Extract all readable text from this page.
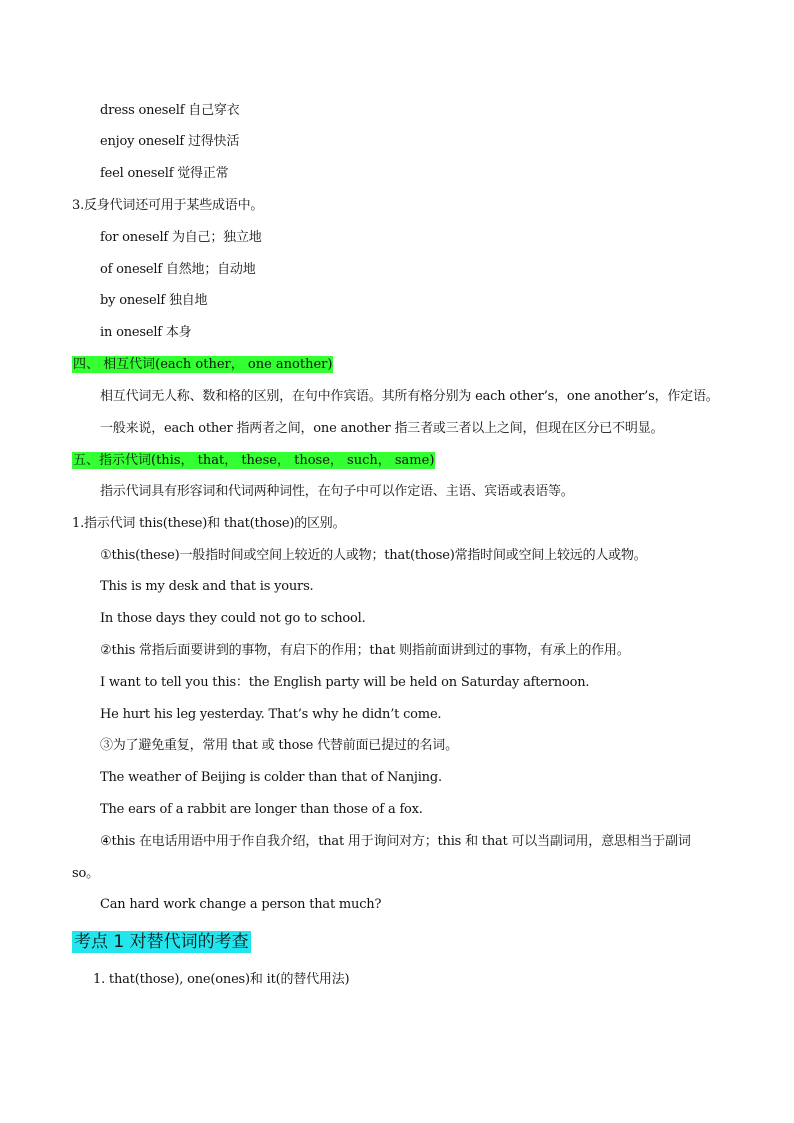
dress oneself 自己穿衣
enjoy oneself 过得快活
feel oneself 觉得正常
3.反身代词还可用于某些成语中。
for oneself 为自己；独立地
of oneself 自然地；自动地
by oneself 独自地
in oneself 本身
四、 相互代词(each other， one another)
相互代词无人称、数和格的区别，在句中作宾语。其所有格分别为 each other’s，one another’s，作定语。
一般来说，each other 指两者之间，one another 指三者或三者以上之间，但现在区分已不明显。
五、指示代词(this， that， these， those， such， same)
指示代词具有形容词和代词两种词性，在句子中可以作定语、主语、宾语或表语等。
1.指示代词 this(these)和 that(those)的区别。
①this(these)一般指时间或空间上较近的人或物；that(those)常指时间或空间上较远的人或物。
This is my desk and that is yours.
In those days they could not go to school.
②this 常指后面要讲到的事物，有启下的作用；that 则指前面讲到过的事物，有承上的作用。
I want to tell you this：the English party will be held on Saturday afternoon.
He hurt his leg yesterday. That’s why he didn’t come.
③为了避免重复，常用 that 或 those 代替前面已提过的名词。
The weather of Beijing is colder than that of Nanjing.
The ears of a rabbit are longer than those of a fox.
④this 在电话用语中用于作自我介绍，that 用于询问对方；this 和 that 可以当副词用，意思相当于副词
so。
Can hard work change a person that much?
考点 1 对替代词的考查
1. that(those), one(ones)和 it(的替代用法)
